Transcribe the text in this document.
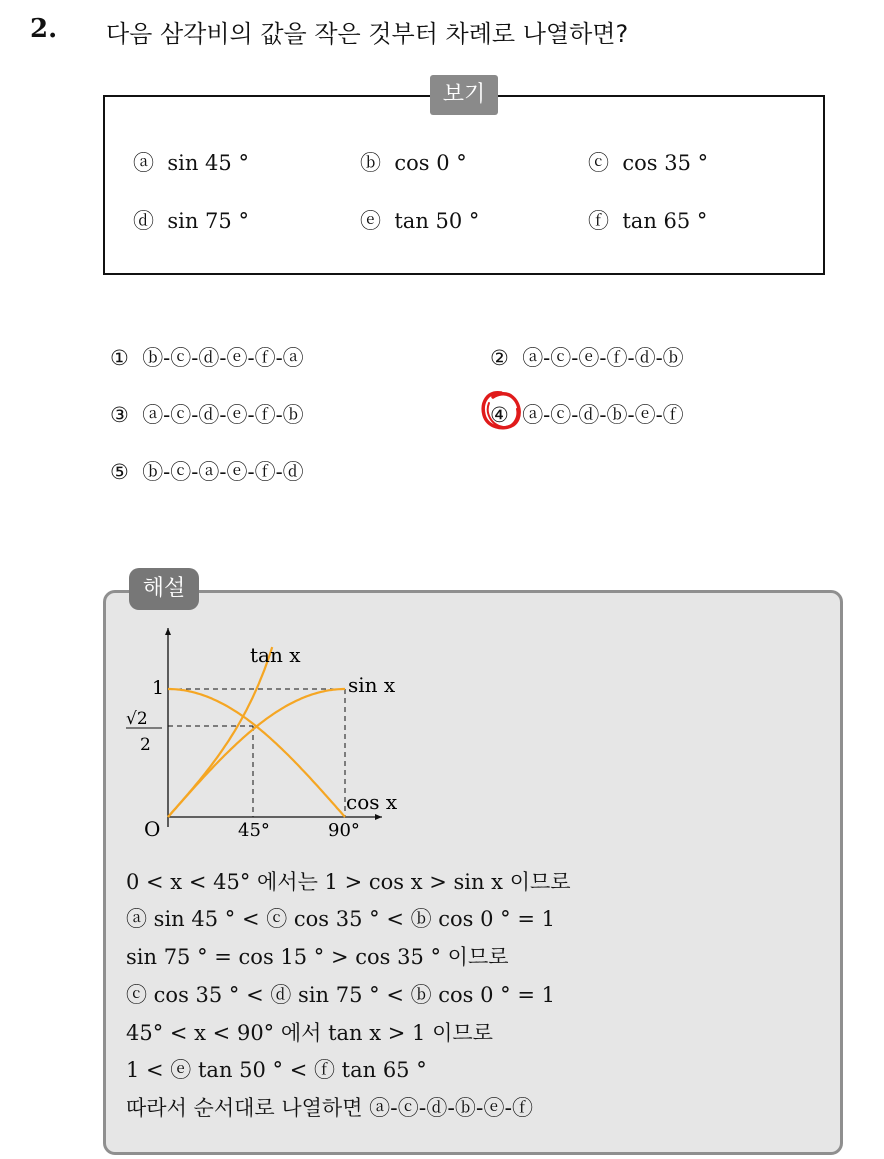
2. 다음 삼각비의 값을 작은 것부터 차례로 나열하면?
보기
ⓐ sin 45 °	ⓑ cos 0 °	ⓒ cos 35 °
ⓓ sin 75 °	ⓔ tan 50 °	ⓕ tan 65 °
① ⓑ-ⓒ-ⓓ-ⓔ-ⓕ-ⓐ	② ⓐ-ⓒ-ⓔ-ⓕ-ⓓ-ⓑ
③ ⓐ-ⓒ-ⓓ-ⓔ-ⓕ-ⓑ	④ ⓐ-ⓒ-ⓓ-ⓑ-ⓔ-ⓕ
⑤ ⓑ-ⓒ-ⓐ-ⓔ-ⓕ-ⓓ
해설
tan x
sin x
cos x
O	45°	90°
1
√2
2
0 < x < 45° 에서는 1 > cos x > sin x 이므로
ⓐ sin 45 ° < ⓒ cos 35 ° < ⓑ cos 0 ° = 1
sin 75 ° = cos 15 ° > cos 35 ° 이므로
ⓒ cos 35 ° < ⓓ sin 75 ° < ⓑ cos 0 ° = 1
45° < x < 90° 에서 tan x > 1 이므로
1 < ⓔ tan 50 ° < ⓕ tan 65 °
따라서 순서대로 나열하면 ⓐ-ⓒ-ⓓ-ⓑ-ⓔ-ⓕ
